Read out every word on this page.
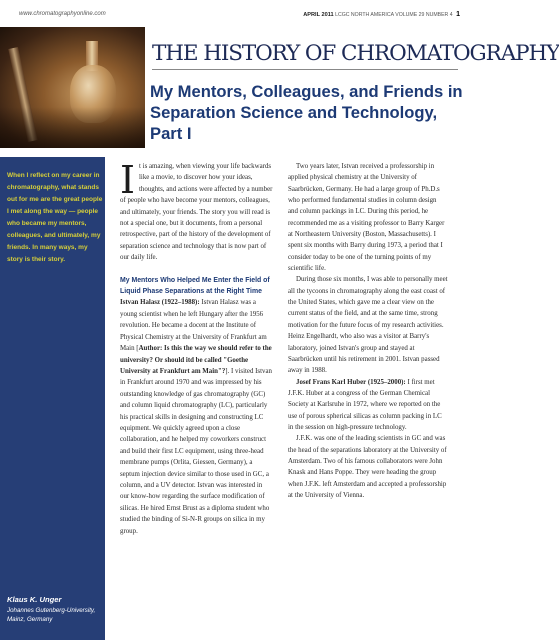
www.chromatographyonline.com	APRIL 2011 LCGC NORTH AMERICA VOLUME 29 NUMBER 4 1
THE HISTORY OF CHROMATOGRAPHY
My Mentors, Colleagues, and Friends in Separation Science and Technology, Part I
When I reflect on my career in chromatography, what stands out for me are the great people I met along the way — people who became my mentors, colleagues, and ultimately, my friends. In many ways, my story is their story.
Klaus K. Unger
Johannes Gutenberg-University, Mainz, Germany

It is amazing, when viewing your life backwards like a movie, to discover how your ideas, thoughts, and actions were affected by a number of people who have become your mentors, colleagues, and ultimately, your friends. The story you will read is not a special one, but it documents, from a personal retrospective, part of the history of the development of separation science and technology that is now part of our daily life.

My Mentors Who Helped Me Enter the Field of Liquid Phase Separations at the Right Time

Istvan Halasz (1922–1988): Istvan Halasz was a young scientist when he left Hungary after the 1956 revolution. He became a docent at the Institute of Physical Chemistry at the University of Frankfurt am Main [Author: Is this the way we should refer to the university? Or should itd be called "Goethe University at Frankfurt am Main"?]. I visited Istvan in Frankfurt around 1970 and was impressed by his outstanding knowledge of gas chromatography (GC) and column liquid chromatography (LC), particularly his practical skills in designing and constructing LC equipment. We quickly agreed upon a close collaboration, and he helped my coworkers construct and build their first LC equipment, using three-head membrane pumps (Orlita, Giessen, Germany), a septum injection device similar to those used in GC, a column, and a UV detector. Istvan was interested in our know-how regarding the surface modification of silicas. He hired Ernst Brust as a diploma student who studied the binding of Si-N-R groups on silica in my group.

Two years later, Istvan received a professorship in applied physical chemistry at the University of Saarbrücken, Germany. He had a large group of Ph.D.s who performed fundamental studies in column design and column packings in LC. During this period, he recommended me as a visiting professor to Barry Karger at Northeastern University (Boston, Massachusetts). I spent six months with Barry during 1973, a period that I consider today to be one of the turning points of my scientific life.

During those six months, I was able to personally meet all the tycoons in chromatography along the east coast of the United States, which gave me a clear view on the current status of the field, and at the same time, strong motivation for the future focus of my research activities. Heinz Engelhardt, who also was a visitor at Barry's laboratory, joined Istvan's group and stayed at Saarbrücken until his retirement in 2001. Istvan passed away in 1988.

Josef Frans Karl Huber (1925–2000): I first met J.F.K. Huber at a congress of the German Chemical Society at Karlsruhe in 1972, where we reported on the use of porous spherical silicas as column packing in LC in the session on high-pressure technology.

J.F.K. was one of the leading scientists in GC and was the head of the separations laboratory at the University of Amsterdam. Two of his famous collaborators were John Knask and Hans Poppe. They were heading the group when J.F.K. left Amsterdam and accepted a professorship at the University of Vienna.
